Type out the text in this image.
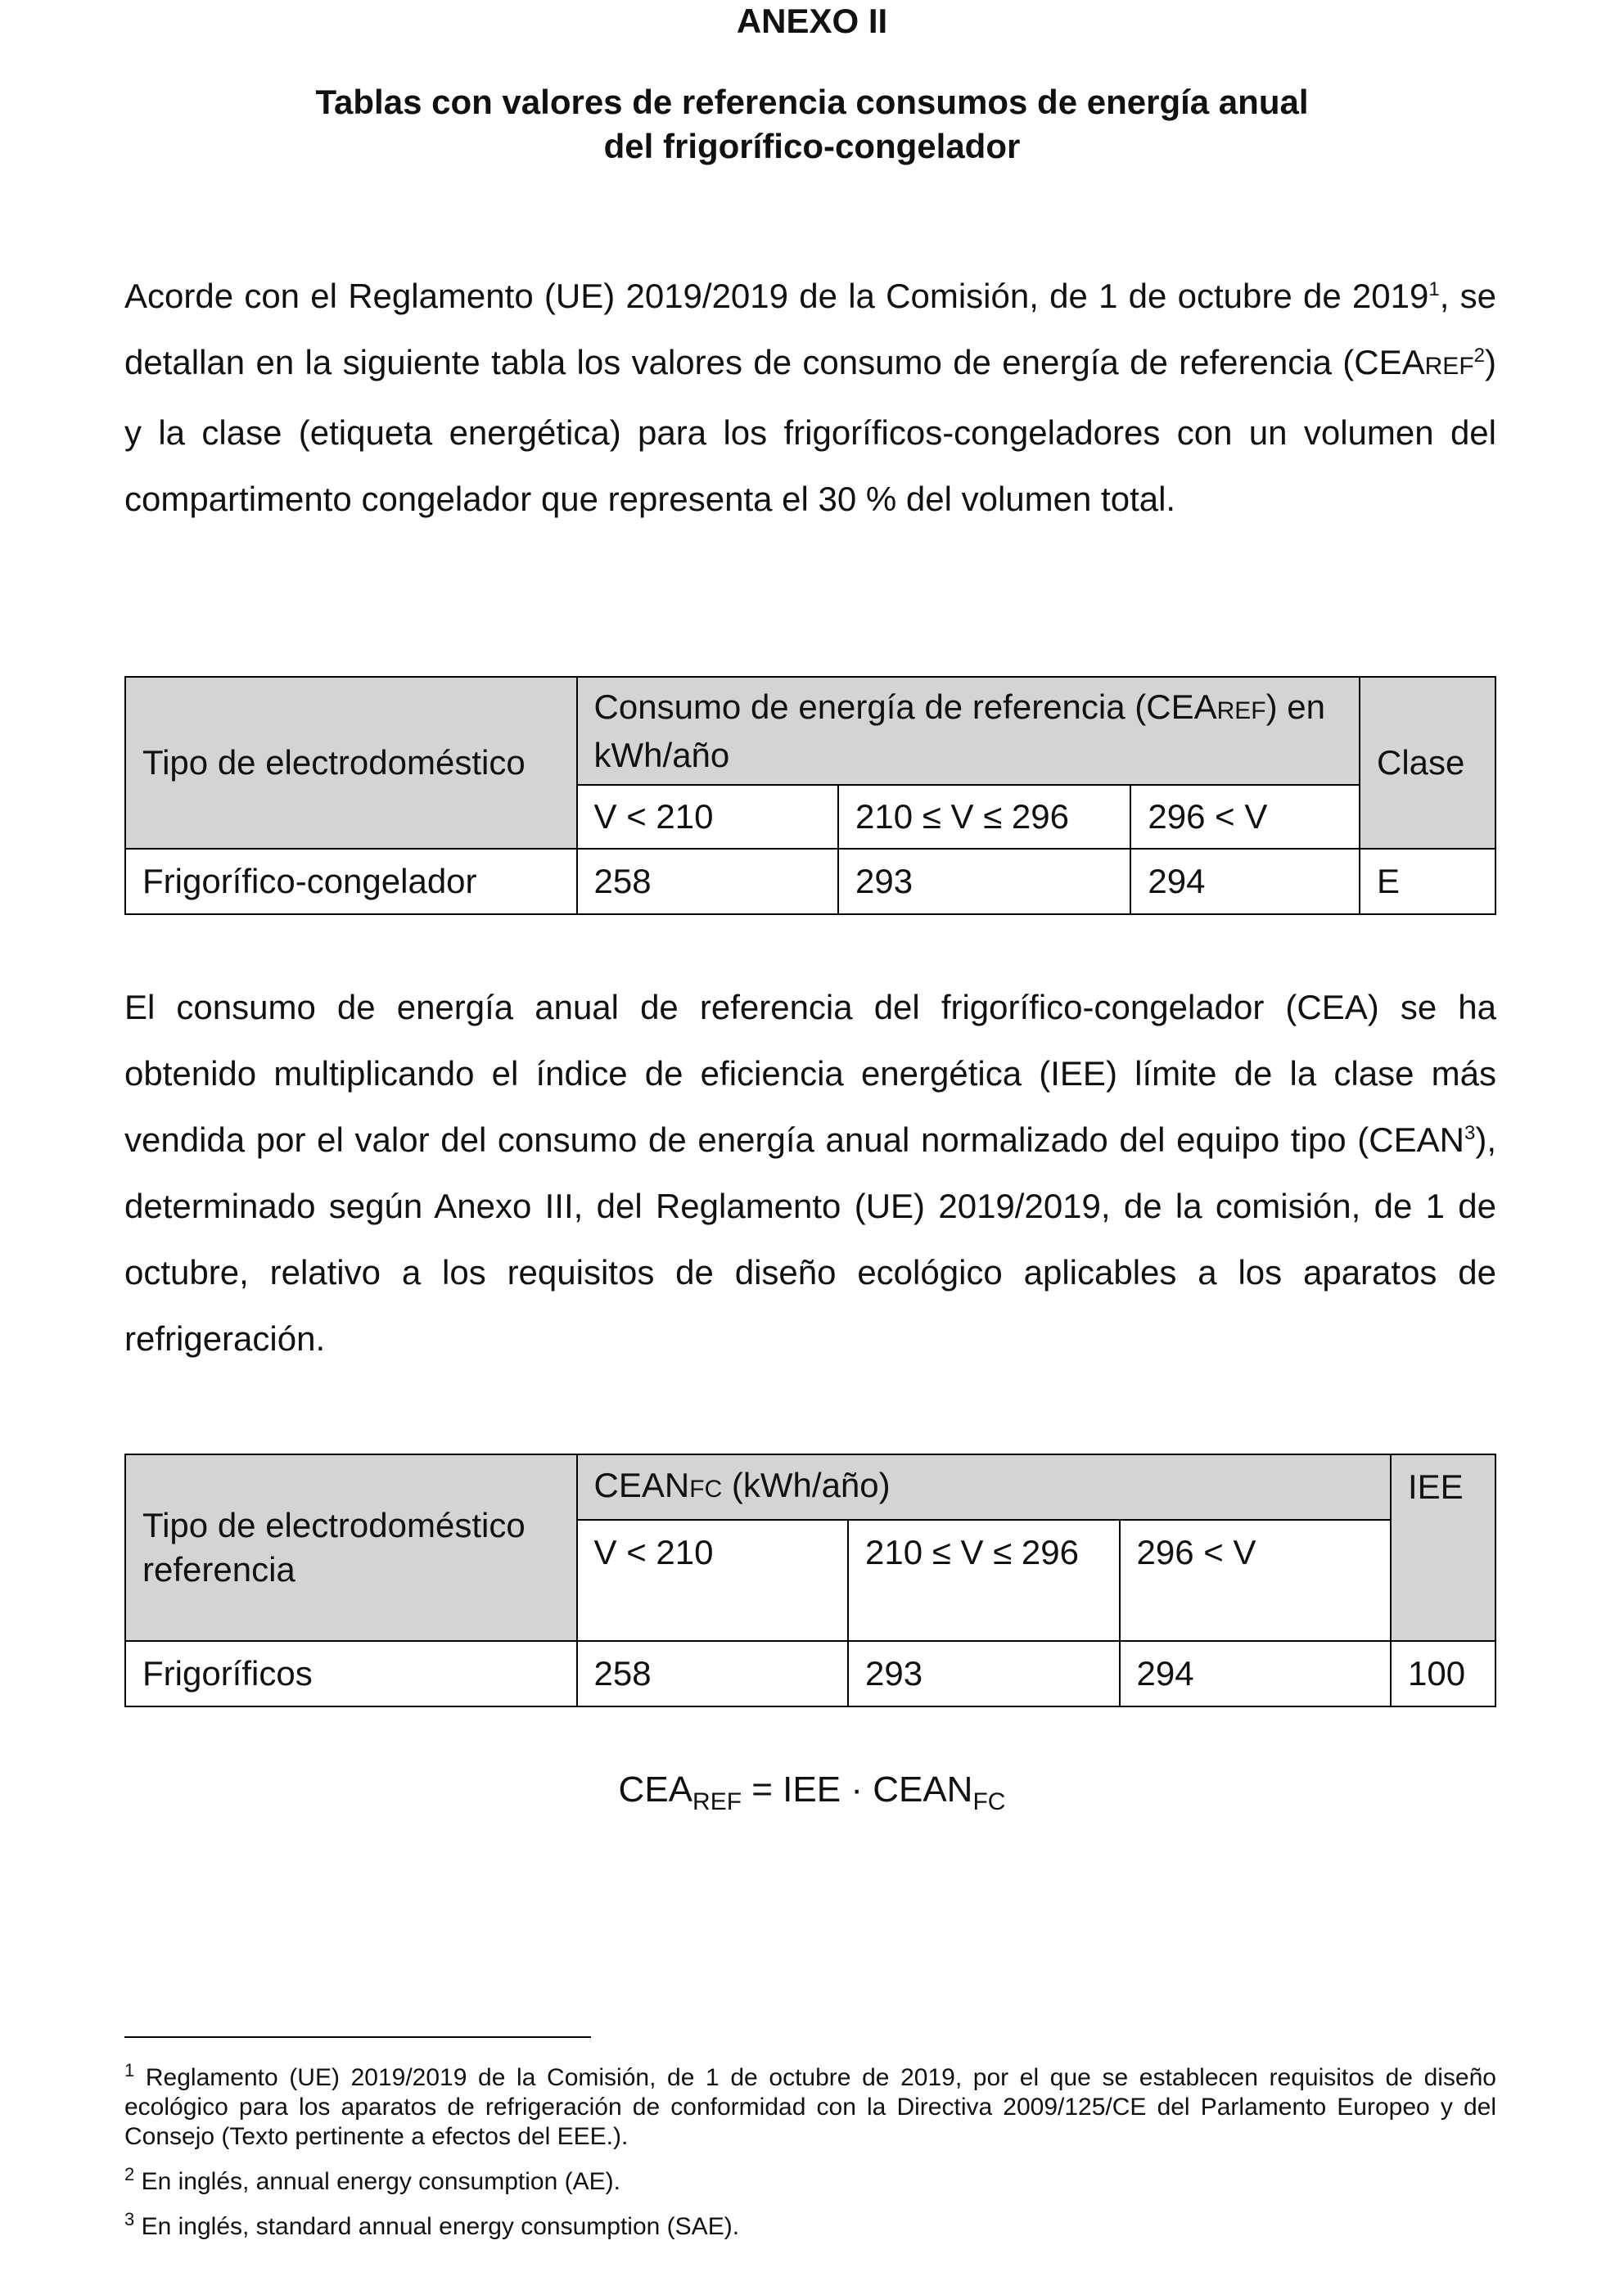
ANEXO II
Tablas con valores de referencia consumos de energía anual
del frigorífico-congelador

Acorde con el Reglamento (UE) 2019/2019 de la Comisión, de 1 de octubre de 2019$^1$, se detallan en la siguiente tabla los valores de consumo de energía de referencia (CEAREF$^2$) y la clase (etiqueta energética) para los frigoríficos-congeladores con un volumen del compartimento congelador que representa el 30 % del volumen total.

Tipo de electrodoméstico	Consumo de energía de referencia (CEAREF) en kWh/año			Clase
	V < 210	210 ≤ V ≤ 296	296 < V	
Frigorífico-congelador	258	293	294	E

El consumo de energía anual de referencia del frigorífico-congelador (CEA) se ha obtenido multiplicando el índice de eficiencia energética (IEE) límite de la clase más vendida por el valor del consumo de energía anual normalizado del equipo tipo (CEAN$^3$), determinado según Anexo III, del Reglamento (UE) 2019/2019, de la comisión, de 1 de octubre, relativo a los requisitos de diseño ecológico aplicables a los aparatos de refrigeración.

Tipo de electrodoméstico referencia	CEANFC (kWh/año)			IEE
	V < 210	210 ≤ V ≤ 296	296 < V	
Frigoríficos	258	293	294	100
$CEA_{REF}$ = IEE · $CEAN_{FC}$

$^1$ Reglamento (UE) 2019/2019 de la Comisión, de 1 de octubre de 2019, por el que se establecen requisitos de diseño ecológico para los aparatos de refrigeración de conformidad con la Directiva 2009/125/CE del Parlamento Europeo y del Consejo (Texto pertinente a efectos del EEE.).

$^2$ En inglés, annual energy consumption (AE).

$^3$ En inglés, standard annual energy consumption (SAE).
